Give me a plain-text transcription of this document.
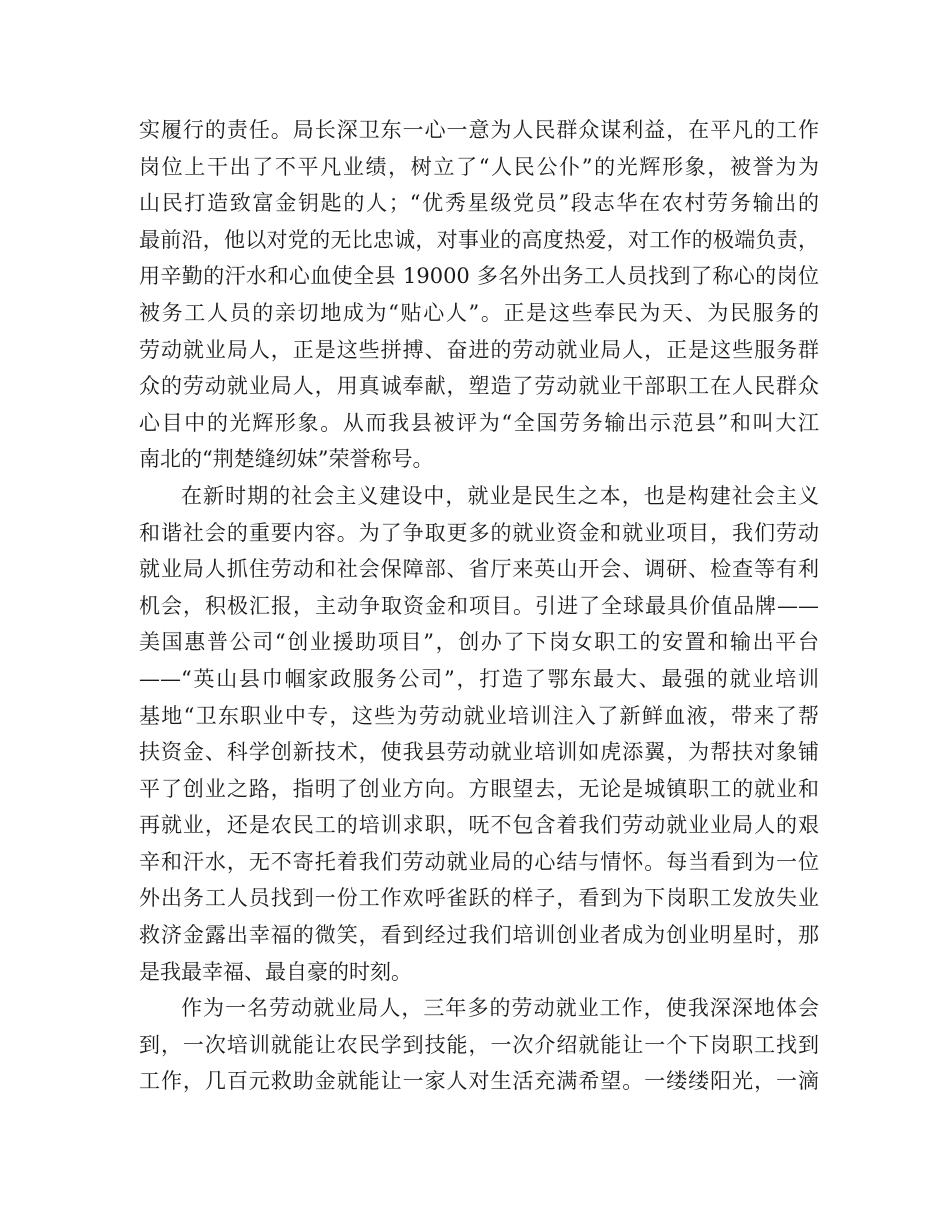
实履行的责任。局长深卫东一心一意为人民群众谋利益，在平凡的工作
岗位上干出了不平凡业绩，树立了“人民公仆”的光辉形象，被誉为为
山民打造致富金钥匙的人；“优秀星级党员”段志华在农村劳务输出的
最前沿，他以对党的无比忠诚，对事业的高度热爱，对工作的极端负责，
用辛勤的汗水和心血使全县 19000 多名外出务工人员找到了称心的岗位
被务工人员的亲切地成为“贴心人”。正是这些奉民为天、为民服务的
劳动就业局人，正是这些拼搏、奋进的劳动就业局人，正是这些服务群
众的劳动就业局人，用真诚奉献，塑造了劳动就业干部职工在人民群众
心目中的光辉形象。从而我县被评为“全国劳务输出示范县”和叫大江
南北的“荆楚缝纫妹”荣誉称号。
在新时期的社会主义建设中，就业是民生之本，也是构建社会主义
和谐社会的重要内容。为了争取更多的就业资金和就业项目，我们劳动
就业局人抓住劳动和社会保障部、省厅来英山开会、调研、检查等有利
机会，积极汇报，主动争取资金和项目。引进了全球最具价值品牌——
美国惠普公司“创业援助项目”，创办了下岗女职工的安置和输出平台
——“英山县巾帼家政服务公司”，打造了鄂东最大、最强的就业培训
基地“卫东职业中专，这些为劳动就业培训注入了新鲜血液，带来了帮
扶资金、科学创新技术，使我县劳动就业培训如虎添翼，为帮扶对象铺
平了创业之路，指明了创业方向。方眼望去，无论是城镇职工的就业和
再就业，还是农民工的培训求职，呒不包含着我们劳动就业业局人的艰
辛和汗水，无不寄托着我们劳动就业局的心结与情怀。每当看到为一位
外出务工人员找到一份工作欢呼雀跃的样子，看到为下岗职工发放失业
救济金露出幸福的微笑，看到经过我们培训创业者成为创业明星时，那
是我最幸福、最自豪的时刻。
作为一名劳动就业局人，三年多的劳动就业工作，使我深深地体会
到，一次培训就能让农民学到技能，一次介绍就能让一个下岗职工找到
工作，几百元救助金就能让一家人对生活充满希望。一缕缕阳光，一滴
